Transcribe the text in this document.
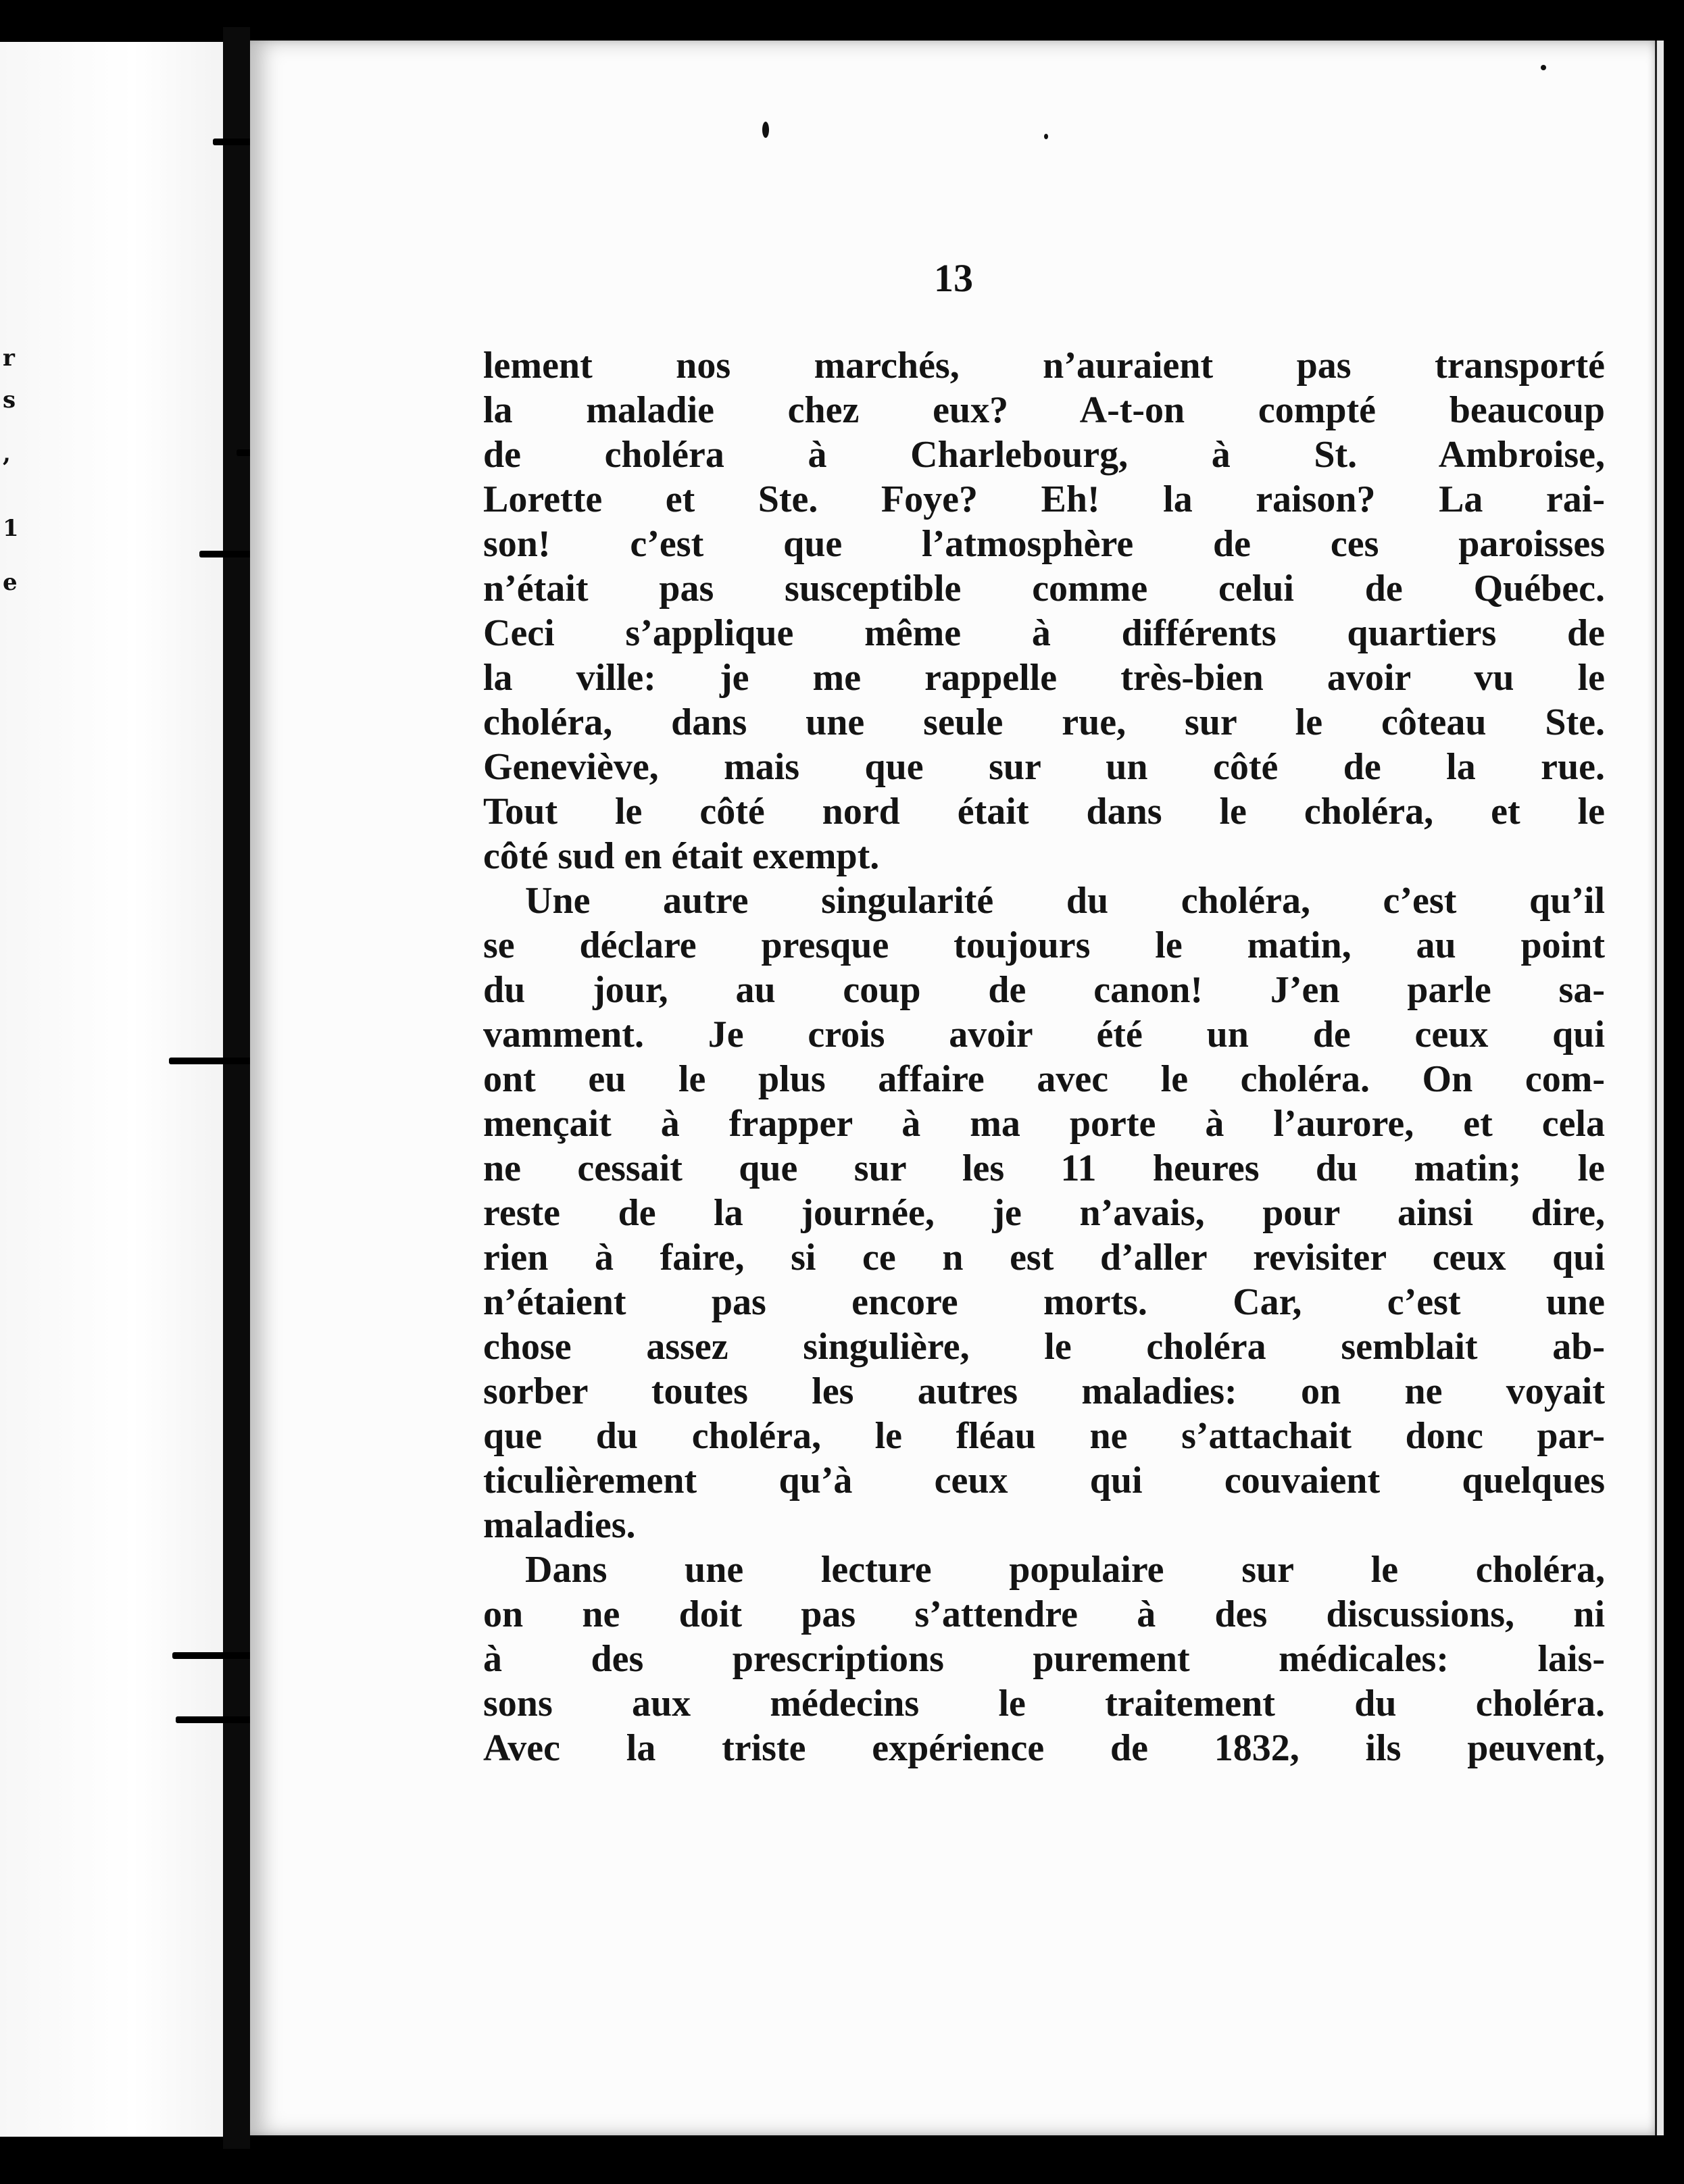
r
s
,
1
e
13
lement nos marchés, n’auraient pas transporté
la maladie chez eux? A-t-on compté beaucoup
de choléra à Charlebourg, à St. Ambroise,
Lorette et Ste. Foye? Eh! la raison? La rai-
son! c’est que l’atmosphère de ces paroisses
n’était pas susceptible comme celui de Québec.
Ceci s’applique même à différents quartiers de
la ville: je me rappelle très-bien avoir vu le
choléra, dans une seule rue, sur le côteau Ste.
Geneviève, mais que sur un côté de la rue.
Tout le côté nord était dans le choléra, et le
côté sud en était exempt.
Une autre singularité du choléra, c’est qu’il
se déclare presque toujours le matin, au point
du jour, au coup de canon! J’en parle sa-
vamment. Je crois avoir été un de ceux qui
ont eu le plus affaire avec le choléra. On com-
mençait à frapper à ma porte à l’aurore, et cela
ne cessait que sur les 11 heures du matin; le
reste de la journée, je n’avais, pour ainsi dire,
rien à faire, si ce n est d’aller revisiter ceux qui
n’étaient pas encore morts. Car, c’est une
chose assez singulière, le choléra semblait ab-
sorber toutes les autres maladies: on ne voyait
que du choléra, le fléau ne s’attachait donc par-
ticulièrement qu’à ceux qui couvaient quelques
maladies.
Dans une lecture populaire sur le choléra,
on ne doit pas s’attendre à des discussions, ni
à des prescriptions purement médicales: lais-
sons aux médecins le traitement du choléra.
Avec la triste expérience de 1832, ils peuvent,
